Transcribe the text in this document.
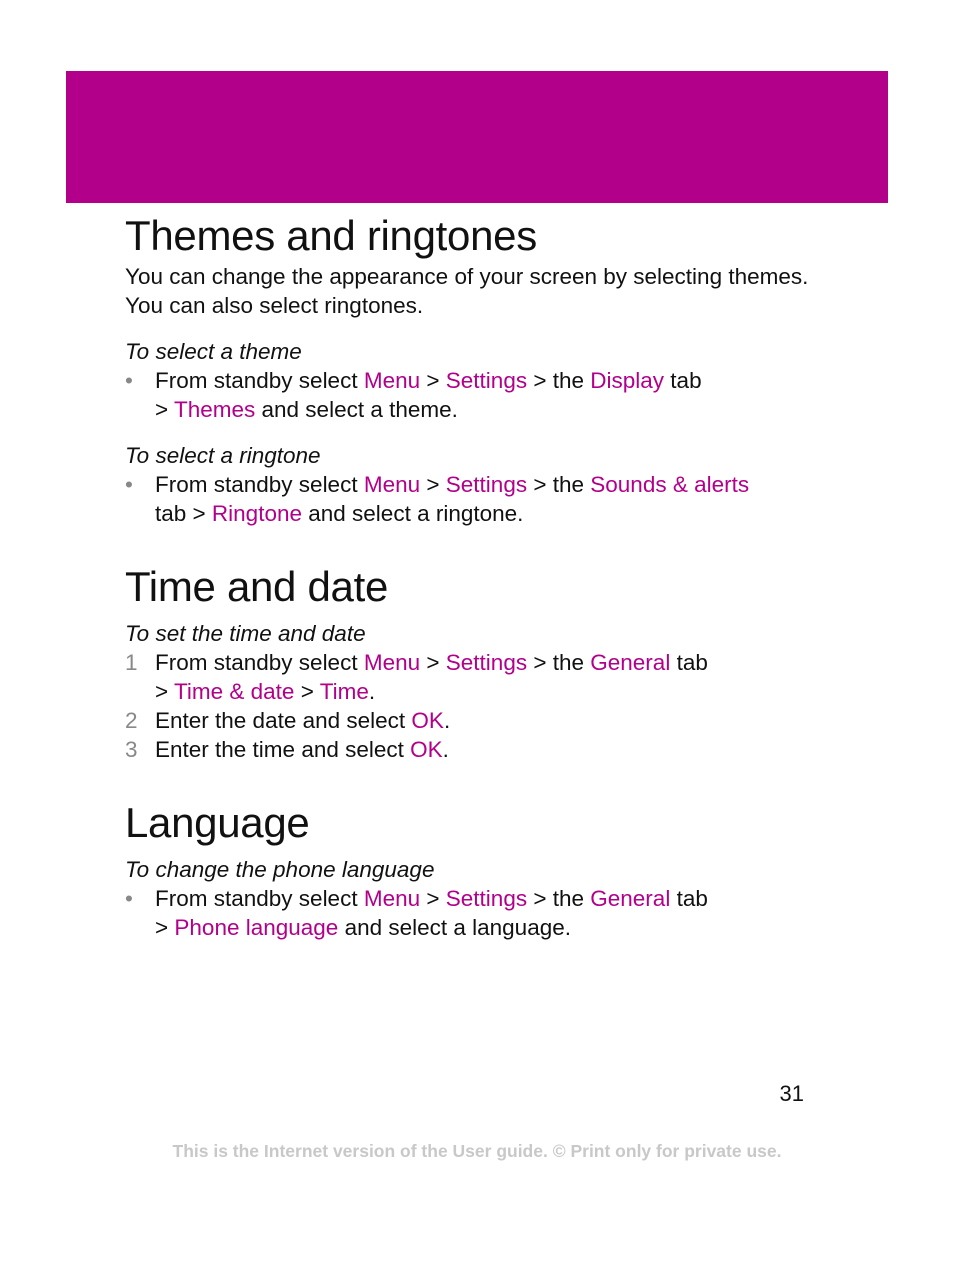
Themes and ringtones

You can change the appearance of your screen by selecting themes. You can also select ringtones.

To select a theme

• From standby select Menu > Settings > the Display tab
> Themes and select a theme.

To select a ringtone

• From standby select Menu > Settings > the Sounds & alerts
tab > Ringtone and select a ringtone.
Time and date

To set the time and date

1 From standby select Menu > Settings > the General tab
> Time & date > Time.
2 Enter the date and select OK.
3 Enter the time and select OK.
Language

To change the phone language

• From standby select Menu > Settings > the General tab
> Phone language and select a language.
31
This is the Internet version of the User guide. © Print only for private use.
